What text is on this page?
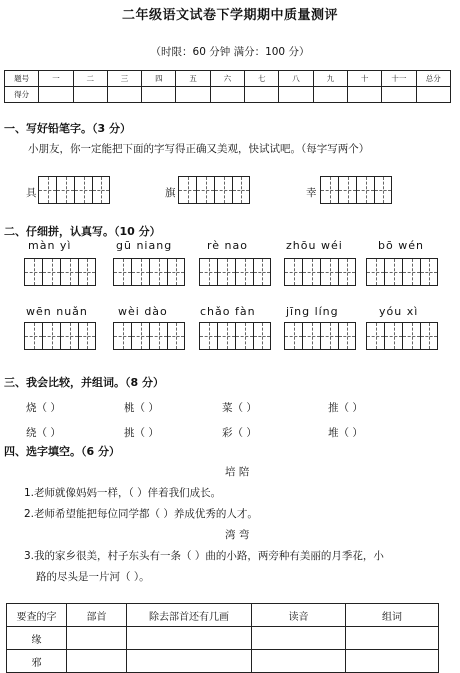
二年级语文试卷下学期期中质量测评
（时限：60 分钟 满分：100 分）
题号	一	二	三	四	五	六	七	八	九	十	十一	总分
得分												
一、写好铅笔字。（3 分）
小朋友，你一定能把下面的字写得正确又美观，快试试吧。（每字写两个）
具	旗	幸
二、仔细拼，认真写。（10 分）
màn yì	gū niang	rè nao	zhōu wéi	bō wén
wēn nuǎn	wèi dào	chǎo fàn	jīng líng	yóu xì
三、我会比较，并组词。（8 分）
烧（ ）	桃（ ）	菜（ ）	推（ ）
绕（ ）	挑（ ）	彩（ ）	堆（ ）
四、选字填空。（6 分）
培 陪
1.老师就像妈妈一样，（ ）伴着我们成长。
2.老师希望能把每位同学都（ ）养成优秀的人才。
湾 弯
3.我的家乡很美，村子东头有一条（ ）曲的小路，两旁种有美丽的月季花，小
路的尽头是一片河（ ）。
要查的字	部首	除去部首还有几画	读音	组词
缘				
邪				
